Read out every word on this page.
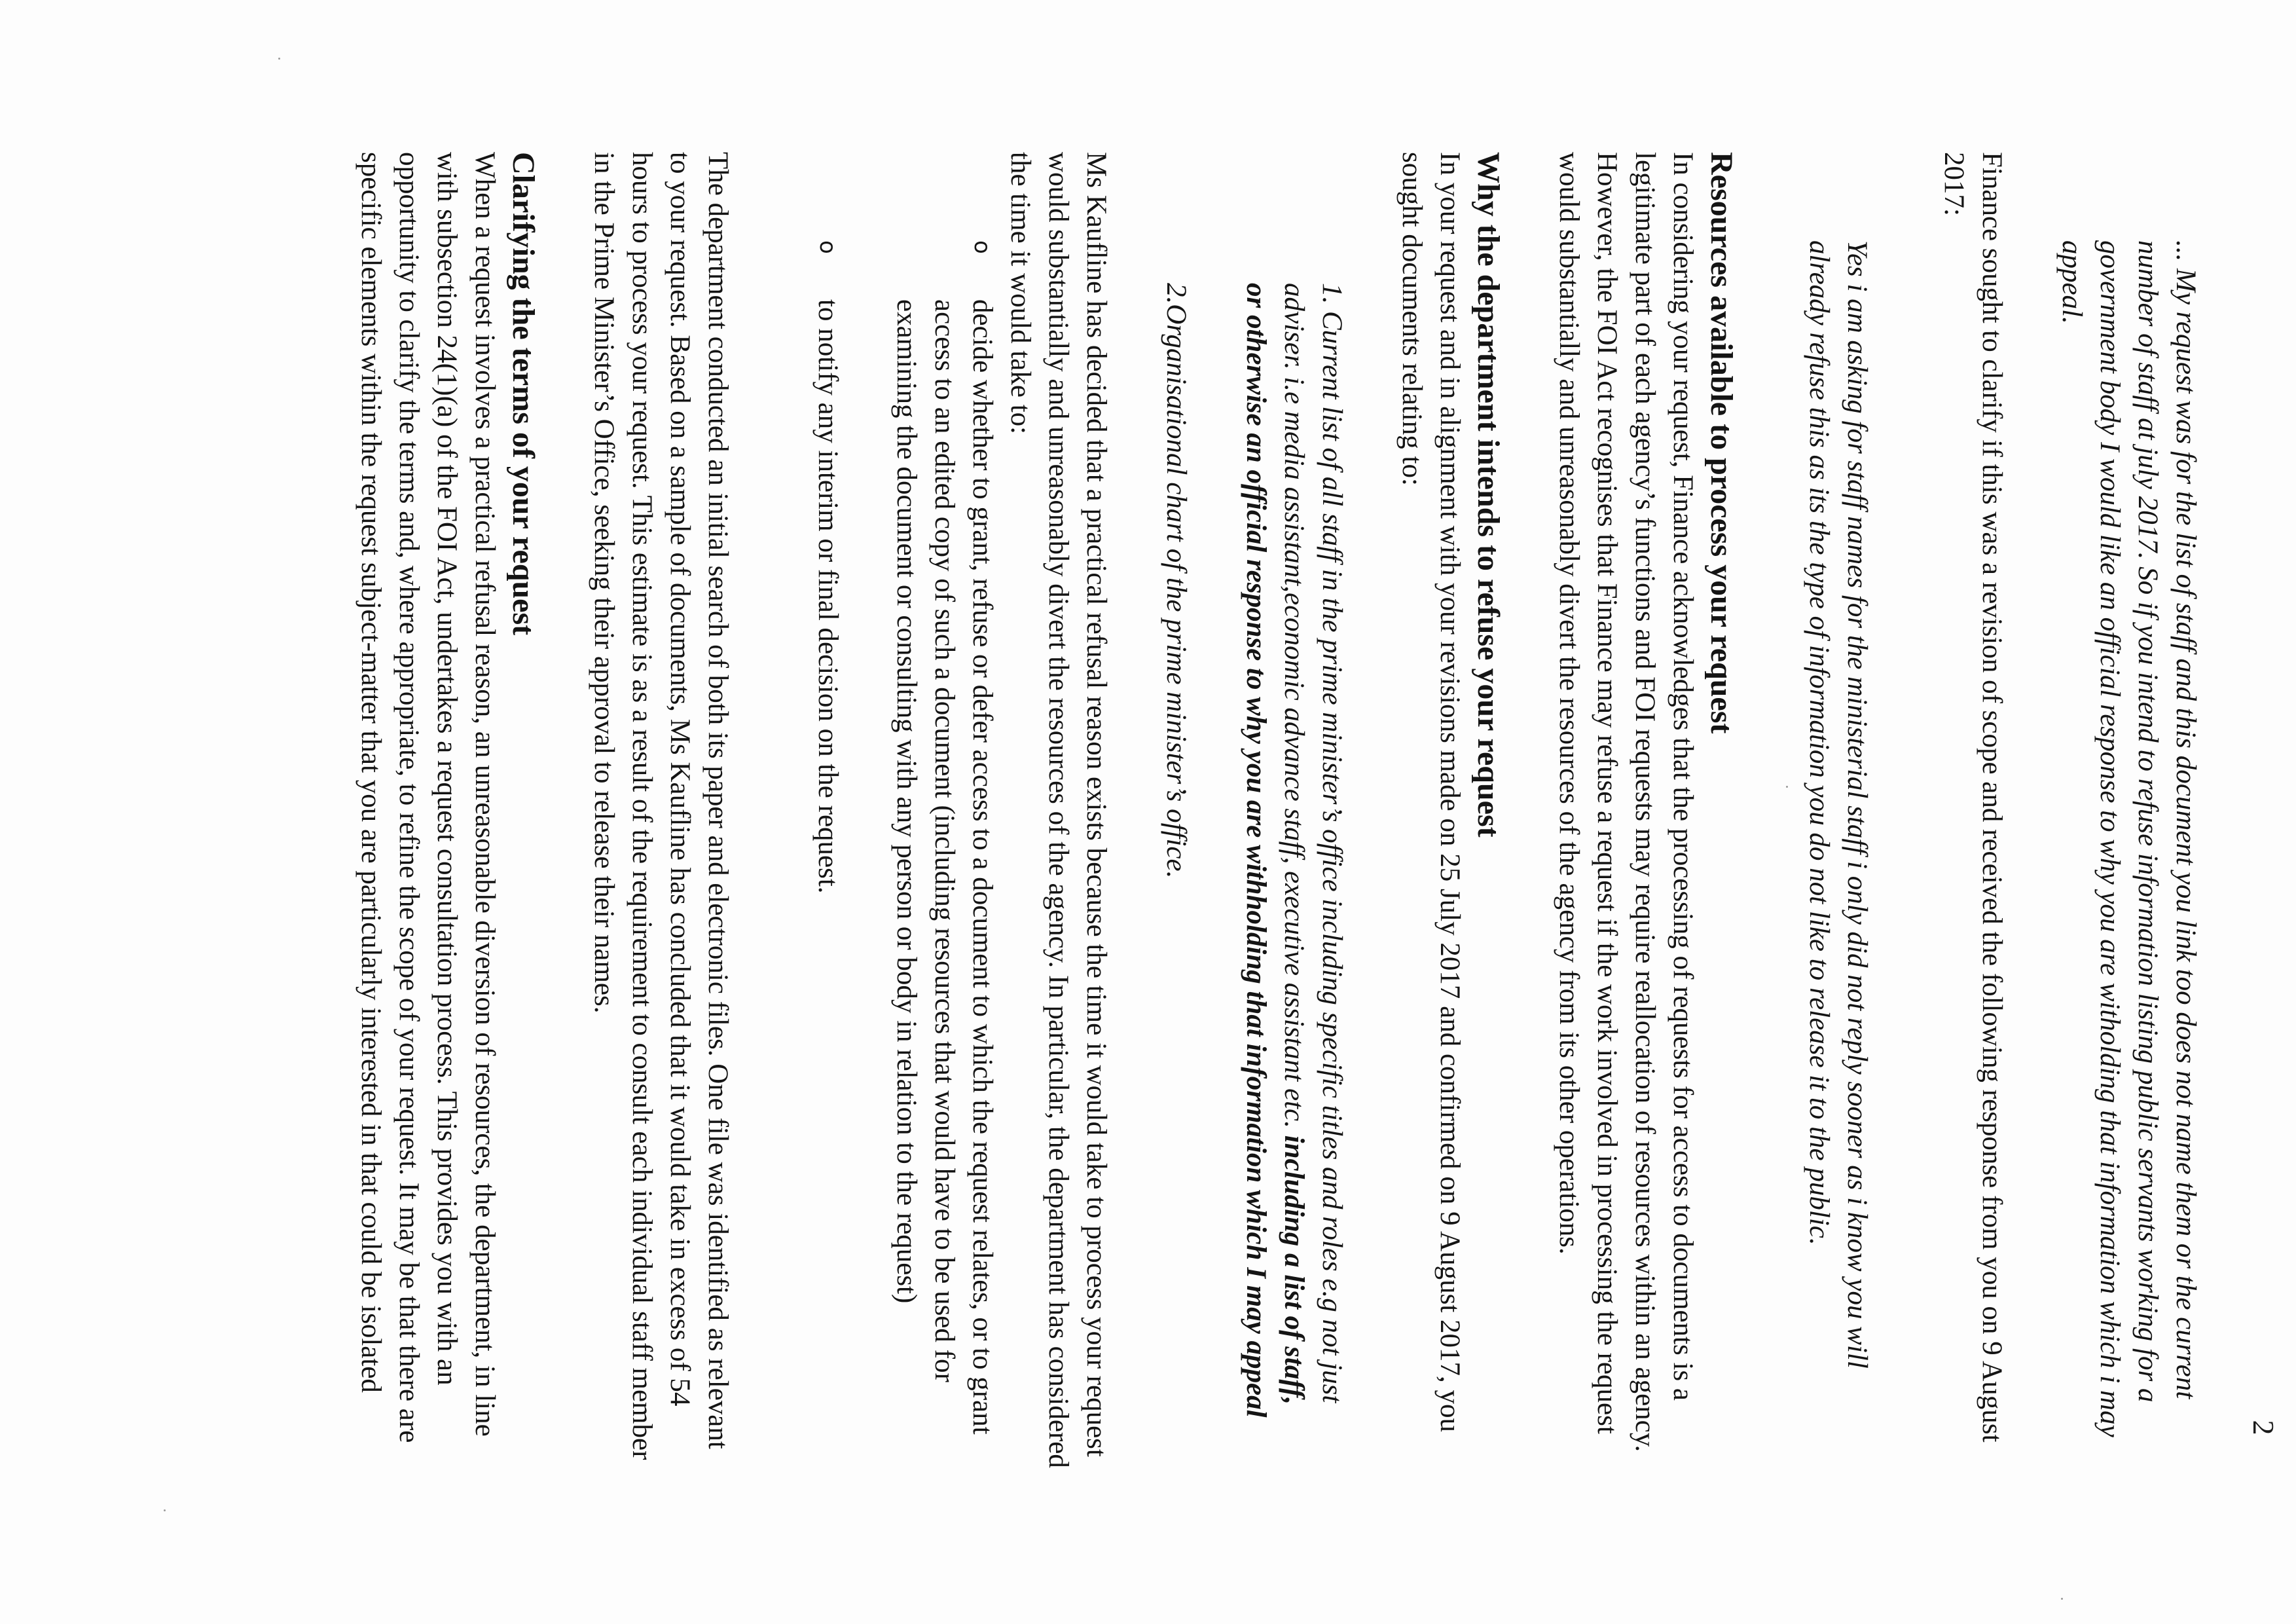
... My request was for the list of staff and this document you link too does not name them or the current number of staff at july 2017. So if you intend to refuse information listing public servants working for a government body I would like an official response to why you are witholding that information which i may appeal.

Finance sought to clarify if this was a revision of scope and received the following response from you on 9 August 2017:

Yes i am asking for staff names for the ministerial staff i only did not reply sooner as i know you will already refuse this as its the type of information you do not like to release it to the public.

Resources available to process your request

In considering your request, Finance acknowledges that the processing of requests for access to documents is a legitimate part of each agency’s functions and FOI requests may require reallocation of resources within an agency. However, the FOI Act recognises that Finance may refuse a request if the work involved in processing the request would substantially and unreasonably divert the resources of the agency from its other operations.

Why the department intends to refuse your request

In your request and in alignment with your revisions made on 25 July 2017 and confirmed on 9 August 2017, you sought documents relating to:

1. Current list of all staff in the prime minister’s office including specific titles and roles e.g not just adviser. i.e media assistant,economic advance staff, executive assistant etc. including a list of staff, or otherwise an official response to why you are withholding that information which I may appeal

2.Organisational chart of the prime minister’s office.

Ms Kaufline has decided that a practical refusal reason exists because the time it would take to process your request would substantially and unreasonably divert the resources of the agency. In particular, the department has considered the time it would take to:

o
decide whether to grant, refuse or defer access to a document to which the request relates, or to grant access to an edited copy of such a document (including resources that would have to be used for examining the document or consulting with any person or body in relation to the request)
o
to notify any interim or final decision on the request.

The department conducted an initial search of both its paper and electronic files. One file was identified as relevant to your request. Based on a sample of documents, Ms Kaufline has concluded that it would take in excess of 54 hours to process your request. This estimate is as a result of the requirement to consult each individual staff member in the Prime Minister’s Office, seeking their approval to release their names.

Clarifying the terms of your request

When a request involves a practical refusal reason, an unreasonable diversion of resources, the department, in line with subsection 24(1)(a) of the FOI Act, undertakes a request consultation process. This provides you with an opportunity to clarify the terms and, where appropriate, to refine the scope of your request. It may be that there are specific elements within the request subject-matter that you are particularly interested in that could be isolated

2
